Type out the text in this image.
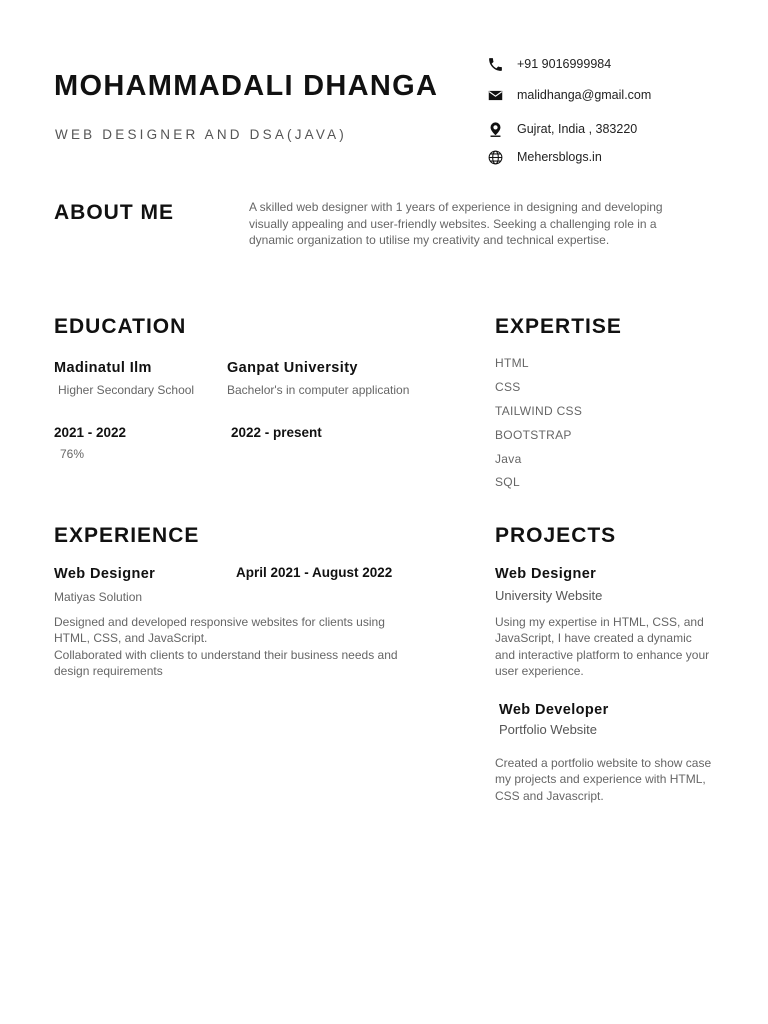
MOHAMMADALI DHANGA
WEB DESIGNER AND DSA(JAVA)
+91 9016999984
malidhanga@gmail.com
Gujrat, India , 383220
Mehersblogs.in
ABOUT ME	A skilled web designer with 1 years of experience in designing and developing visually appealing and user-friendly websites. Seeking a challenging role in a dynamic organization to utilise my creativity and technical expertise.
EDUCATION
Madinatul Ilm
Higher Secondary School
2021 - 2022
76%
Ganpat University
Bachelor's in computer application
2022 - present
EXPERTISE
HTML
CSS
TAILWIND CSS
BOOTSTRAP
Java
SQL
EXPERIENCE
Web Designer	April 2021 - August 2022
Matiyas Solution
Designed and developed responsive websites for clients using HTML, CSS, and JavaScript.
Collaborated with clients to understand their business needs and design requirements
PROJECTS
Web Designer
University Website
Using my expertise in HTML, CSS, and JavaScript, I have created a dynamic and interactive platform to enhance your user experience.
Web Developer
Portfolio Website
Created a portfolio website to show case my projects and experience with HTML, CSS and Javascript.
